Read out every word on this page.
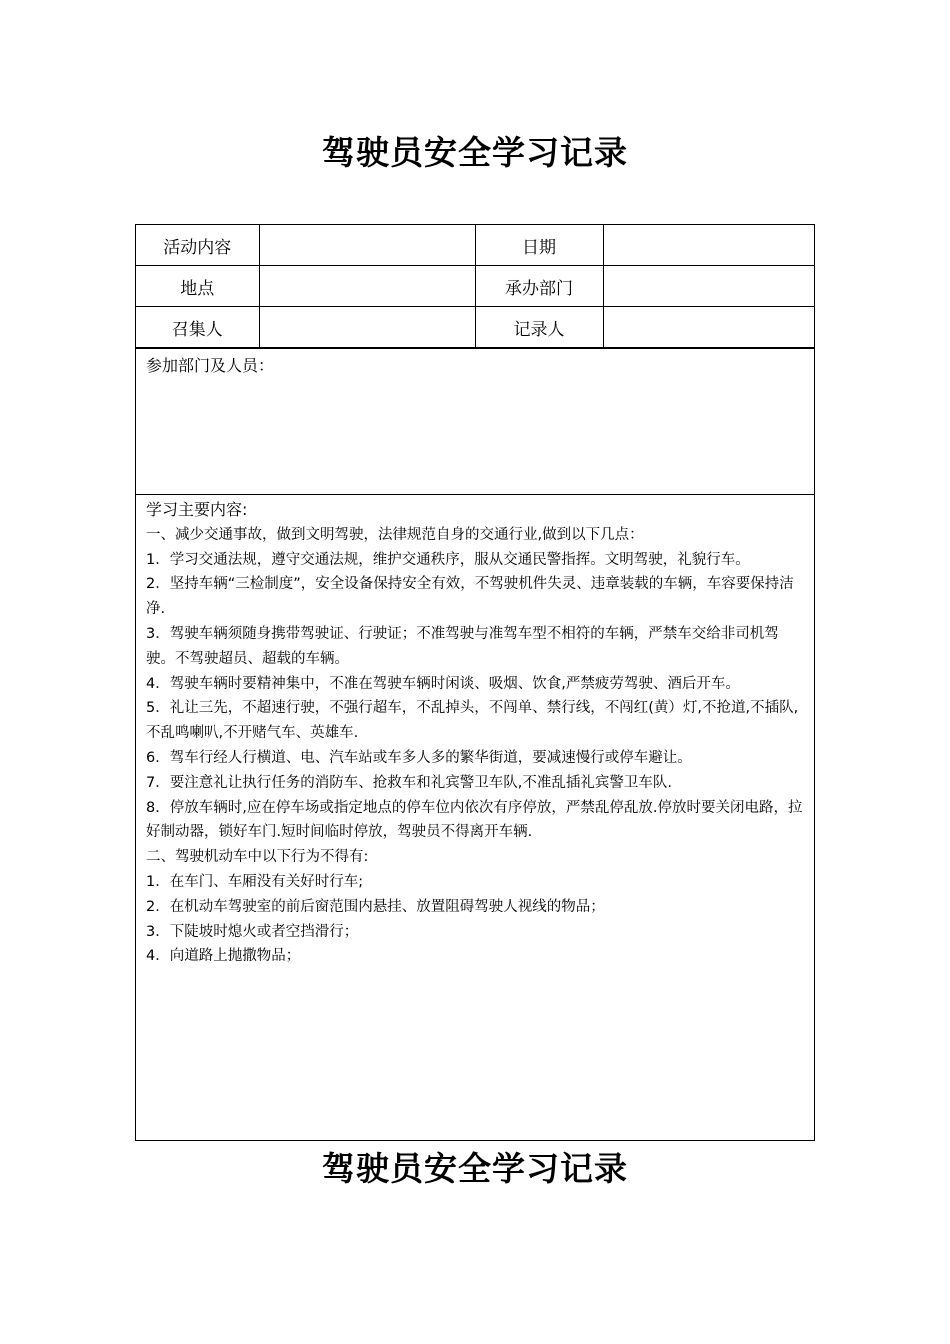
驾驶员安全学习记录
活动内容		日期	
地点		承办部门	
召集人		记录人	
参加部门及人员：

学习主要内容:

一、减少交通事故，做到文明驾驶，法律规范自身的交通行业,做到以下几点：

1．学习交通法规，遵守交通法规，维护交通秩序，服从交通民警指挥。文明驾驶，礼貌行车。

2．坚持车辆“三检制度”，安全设备保持安全有效，不驾驶机件失灵、违章装载的车辆，车容要保持洁净.

3．驾驶车辆须随身携带驾驶证、行驶证；不准驾驶与准驾车型不相符的车辆，严禁车交给非司机驾驶。不驾驶超员、超载的车辆。

4．驾驶车辆时要精神集中，不准在驾驶车辆时闲谈、吸烟、饮食,严禁疲劳驾驶、酒后开车。

5．礼让三先，不超速行驶，不强行超车，不乱掉头，不闯单、禁行线，不闯红(黄）灯,不抢道,不插队,不乱鸣喇叭,不开赌气车、英雄车.

6．驾车行经人行横道、电、汽车站或车多人多的繁华街道，要减速慢行或停车避让。

7．要注意礼让执行任务的消防车、抢救车和礼宾警卫车队,不准乱插礼宾警卫车队.

8．停放车辆时,应在停车场或指定地点的停车位内依次有序停放，严禁乱停乱放.停放时要关闭电路，拉好制动器，锁好车门.短时间临时停放，驾驶员不得离开车辆.

二、驾驶机动车中以下行为不得有:

1．在车门、车厢没有关好时行车;

2．在机动车驾驶室的前后窗范围内悬挂、放置阻碍驾驶人视线的物品；

3．下陡坡时熄火或者空挡滑行；

4．向道路上抛撒物品；

驾驶员安全学习记录
